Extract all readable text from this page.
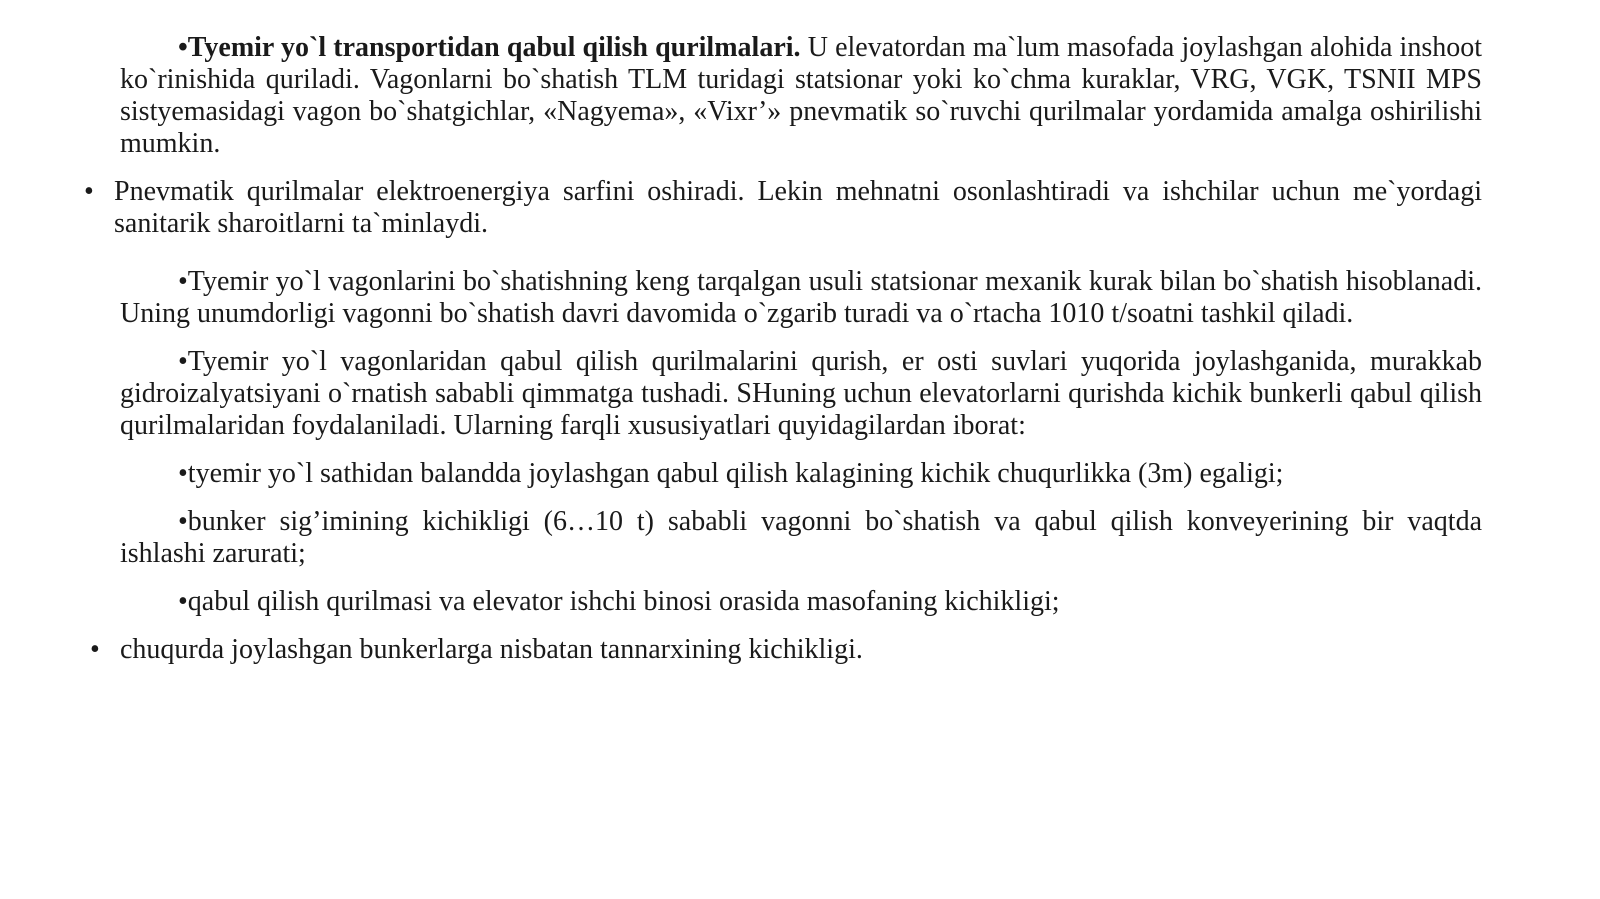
•Tyemir yo`l transportidan qabul qilish qurilmalari. U elevatordan ma`lum masofada joylashgan alohida inshoot ko`rinishida quriladi. Vagonlarni bo`shatish TLM turidagi statsionar yoki ko`chma kuraklar, VRG, VGK, TSNII MPS sistyemasidagi vagon bo`shatgichlar, «Nagyema», «Vixr’» pnevmatik so`ruvchi qurilmalar yordamida amalga oshirilishi mumkin.

• Pnevmatik qurilmalar elektroenergiya sarfini oshiradi. Lekin mehnatni osonlashtiradi va ishchilar uchun me`yordagi sanitarik sharoitlarni ta`minlaydi.

•Tyemir yo`l vagonlarini bo`shatishning keng tarqalgan usuli statsionar mexanik kurak bilan bo`shatish hisoblanadi. Uning unumdorligi vagonni bo`shatish davri davomida o`zgarib turadi va o`rtacha 1010 t/soatni tashkil qiladi.

•Tyemir yo`l vagonlaridan qabul qilish qurilmalarini qurish, er osti suvlari yuqorida joylashganida, murakkab gidroizalyatsiyani o`rnatish sababli qimmatga tushadi. SHuning uchun elevatorlarni qurishda kichik bunkerli qabul qilish qurilmalaridan foydalaniladi. Ularning farqli xususiyatlari quyidagilardan iborat:

•tyemir yo`l sathidan balandda joylashgan qabul qilish kalagining kichik chuqurlikka (3m) egaligi;

•bunker sig’imining kichikligi (6…10 t) sababli vagonni bo`shatish va qabul qilish konveyerining bir vaqtda ishlashi zarurati;

•qabul qilish qurilmasi va elevator ishchi binosi orasida masofaning kichikligi;

• chuqurda joylashgan bunkerlarga nisbatan tannarxining kichikligi.
